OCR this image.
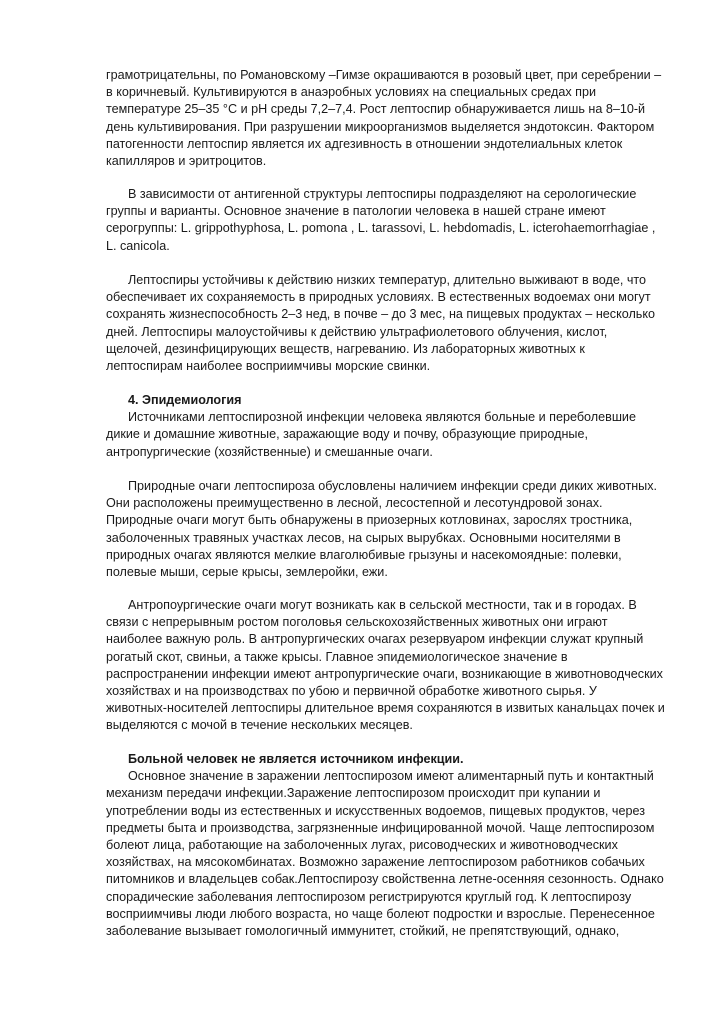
грамотрицательны, по Романовскому –Гимзе окрашиваются в розовый цвет, при серебрении –
в коричневый. Культивируются в анаэробных условиях на специальных средах при
температуре 25–35 °С и pH среды 7,2–7,4. Рост лептоспир обнаруживается лишь на 8–10-й
день культивирования. При разрушении микроорганизмов выделяется эндотоксин. Фактором
патогенности лептоспир является их адгезивность в отношении эндотелиальных клеток
капилляров и эритроцитов.
В зависимости от антигенной структуры лептоспиры подразделяют на серологические
группы и варианты. Основное значение в патологии человека в нашей стране имеют
серогруппы: L. grippothyphosa, L. pomona , L. tarassovi, L. hebdomadis, L. icterohaemorrhagiae ,
L. canicola.
Лептоспиры устойчивы к действию низких температур, длительно выживают в воде, что
обеспечивает их сохраняемость в природных условиях. В естественных водоемах они могут
сохранять жизнеспособность 2–3 нед, в почве – до 3 мес, на пищевых продуктах – несколько
дней. Лептоспиры малоустойчивы к действию ультрафиолетового облучения, кислот,
щелочей, дезинфицирующих веществ, нагреванию. Из лабораторных животных к
лептоспирам наиболее восприимчивы морские свинки.
4. Эпидемиология
Источниками лептоспирозной инфекции человека являются больные и переболевшие
дикие и домашние животные, заражающие воду и почву, образующие природные,
антропургические (хозяйственные) и смешанные очаги.
Природные очаги лептоспироза обусловлены наличием инфекции среди диких животных.
Они расположены преимущественно в лесной, лесостепной и лесотундровой зонах.
Природные очаги могут быть обнаружены в приозерных котловинах, зарослях тростника,
заболоченных травяных участках лесов, на сырых вырубках. Основными носителями в
природных очагах являются мелкие влаголюбивые грызуны и насекомоядные: полевки,
полевые мыши, серые крысы, землеройки, ежи.
Антропоургические очаги могут возникать как в сельской местности, так и в городах. В
связи с непрерывным ростом поголовья сельскохозяйственных животных они играют
наиболее важную роль. В антропургических очагах резервуаром инфекции служат крупный
рогатый скот, свиньи, а также крысы. Главное эпидемиологическое значение в
распространении инфекции имеют антропургические очаги, возникающие в животноводческих
хозяйствах и на производствах по убою и первичной обработке животного сырья. У
животных-носителей лептоспиры длительное время сохраняются в извитых канальцах почек и
выделяются с мочой в течение нескольких месяцев.
Больной человек не является источником инфекции.
Основное значение в заражении лептоспирозом имеют алиментарный путь и контактный
механизм передачи инфекции.Заражение лептоспирозом происходит при купании и
употреблении воды из естественных и искусственных водоемов, пищевых продуктов, через
предметы быта и производства, загрязненные инфицированной мочой. Чаще лептоспирозом
болеют лица, работающие на заболоченных лугах, рисоводческих и животноводческих
хозяйствах, на мясокомбинатах. Возможно заражение лептоспирозом работников собачьих
питомников и владельцев собак.Лептоспирозу свойственна летне-осенняя сезонность. Однако
спорадические заболевания лептоспирозом регистрируются круглый год. К лептоспирозу
восприимчивы люди любого возраста, но чаще болеют подростки и взрослые. Перенесенное
заболевание вызывает гомологичный иммунитет, стойкий, не препятствующий, однако,
